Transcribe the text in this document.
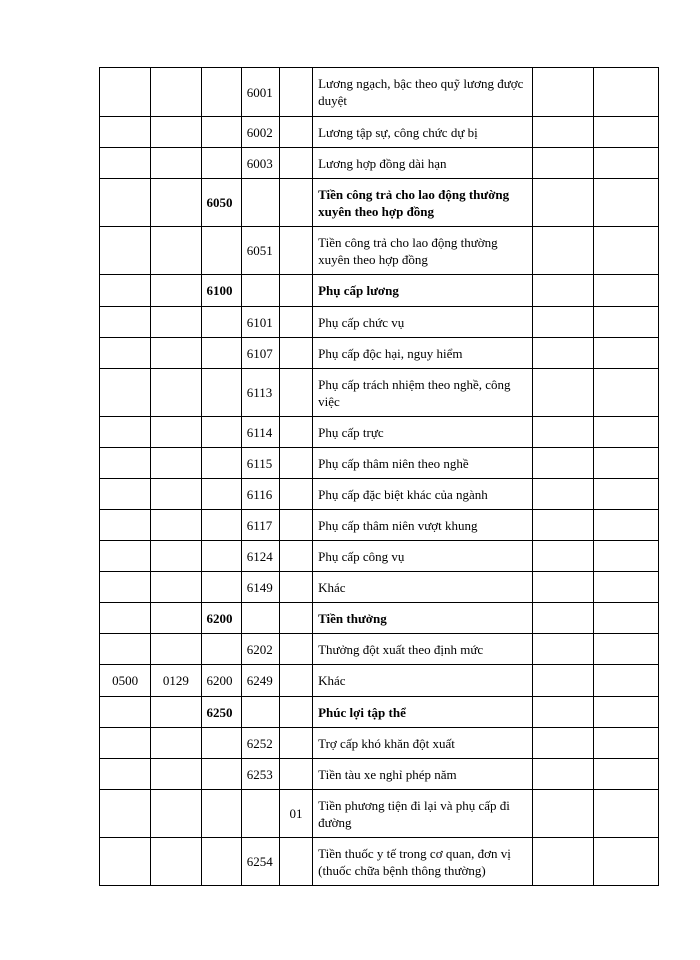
			6001		Lương ngạch, bậc theo quỹ lương được duyệt		
			6002		Lương tập sự, công chức dự bị		
			6003		Lương hợp đồng dài hạn		
		6050			Tiền công trả cho lao động thường xuyên theo hợp đồng		
			6051		Tiền công trả cho lao động thường xuyên theo hợp đồng		
		6100			Phụ cấp lương		
			6101		Phụ cấp chức vụ		
			6107		Phụ cấp độc hại, nguy hiểm		
			6113		Phụ cấp trách nhiệm theo nghề, công việc		
			6114		Phụ cấp trực		
			6115		Phụ cấp thâm niên theo nghề		
			6116		Phụ cấp đặc biệt khác của ngành		
			6117		Phụ cấp thâm niên vượt khung		
			6124		Phụ cấp công vụ		
			6149		Khác		
		6200			Tiền thưởng		
			6202		Thưởng đột xuất theo định mức		
0500	0129	6200	6249		Khác		
		6250			Phúc lợi tập thể		
			6252		Trợ cấp khó khăn đột xuất		
			6253		Tiền tàu xe nghỉ phép năm		
				01	Tiền phương tiện đi lại và phụ cấp đi đường		
			6254		Tiền thuốc y tế trong cơ quan, đơn vị (thuốc chữa bệnh thông thường)		
